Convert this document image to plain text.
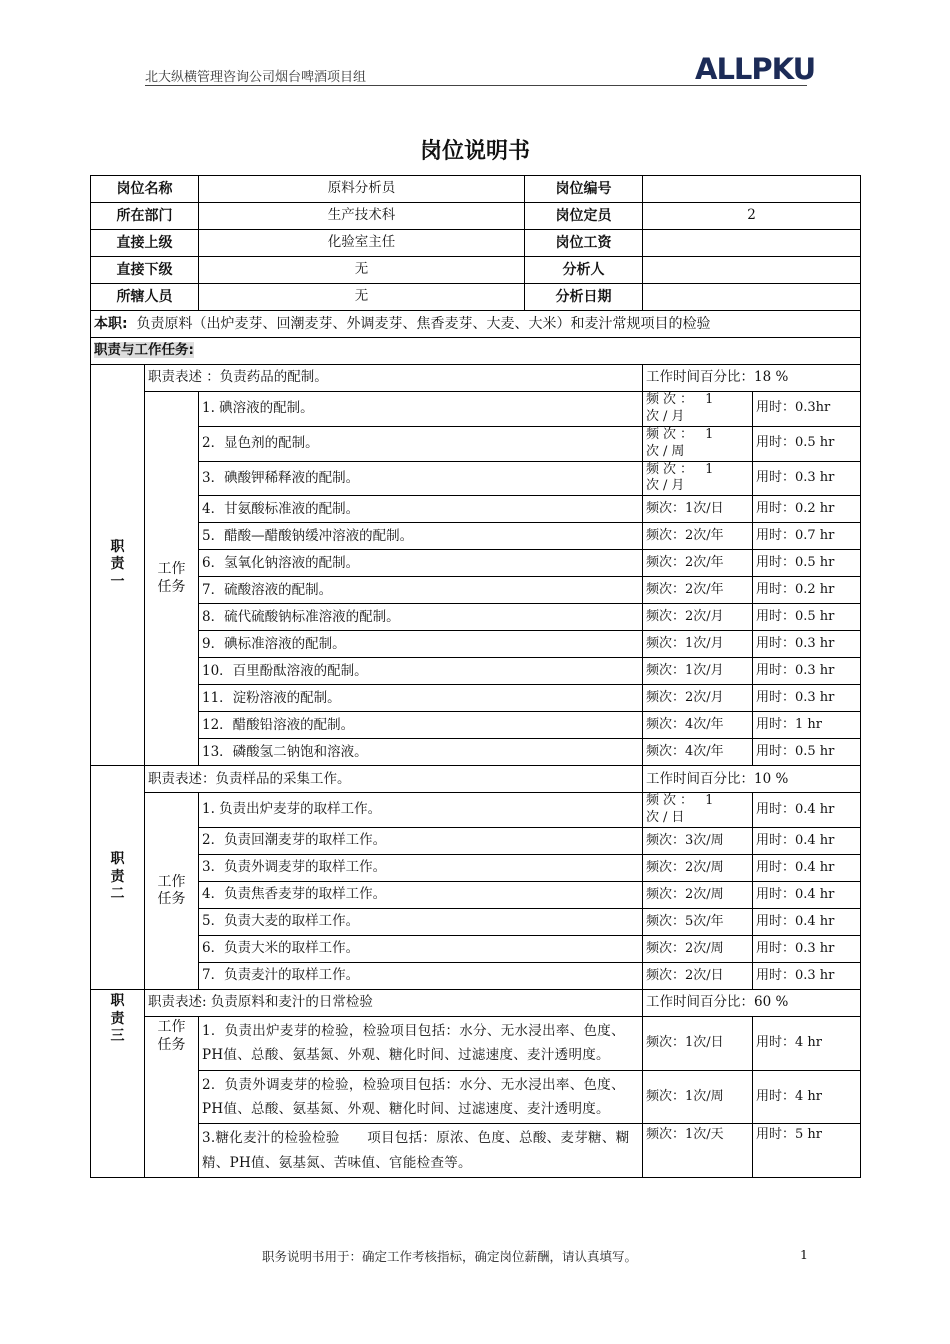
北大纵横管理咨询公司烟台啤酒项目组	ALLPKU
岗位说明书
岗位名称		原料分析员	岗位编号		
所在部门		生产技术科	岗位定员	2	
直接上级		化验室主任	岗位工资		
直接下级		无	分析人		
所辖人员		无	分析日期		
本职: 负责原料（出炉麦芽、回潮麦芽、外调麦芽、焦香麦芽、大麦、大米）和麦汁常规项目的检验					
职责与工作任务:					
职责一	职责表述 ：负责药品的配制。			工作时间百分比：18 %	
	工作任务	1. 碘溶液的配制。		频次： 1 次/月	用时：0.3hr
		2．显色剂的配制。		频次： 1 次/周	用时：0.5 hr
		3．碘酸钾稀释液的配制。		频次： 1 次/月	用时：0.3 hr
		4．甘氨酸标准液的配制。		频次：1次/日	用时：0.2 hr
		5．醋酸—醋酸钠缓冲溶液的配制。		频次：2次/年	用时：0.7 hr
		6．氢氧化钠溶液的配制。		频次：2次/年	用时：0.5 hr
		7．硫酸溶液的配制。		频次：2次/年	用时：0.2 hr
		8．硫代硫酸钠标准溶液的配制。		频次：2次/月	用时：0.5 hr
		9．碘标准溶液的配制。		频次：1次/月	用时：0.3 hr
		10．百里酚酞溶液的配制。		频次：1次/月	用时：0.3 hr
		11．淀粉溶液的配制。		频次：2次/月	用时：0.3 hr
		12．醋酸铅溶液的配制。		频次：4次/年	用时：1 hr
		13．磷酸氢二钠饱和溶液。		频次：4次/年	用时：0.5 hr
职责二	职责表述：负责样品的采集工作。			工作时间百分比：10 %	
	工作任务	1. 负责出炉麦芽的取样工作。		频次： 1 次/日	用时：0.4 hr
		2．负责回潮麦芽的取样工作。		频次：3次/周	用时：0.4 hr
		3．负责外调麦芽的取样工作。		频次：2次/周	用时：0.4 hr
		4．负责焦香麦芽的取样工作。		频次：2次/周	用时：0.4 hr
		5．负责大麦的取样工作。		频次：5次/年	用时：0.4 hr
		6．负责大米的取样工作。		频次：2次/周	用时：0.3 hr
		7．负责麦汁的取样工作。		频次：2次/日	用时：0.3 hr
职责三	职责表述: 负责原料和麦汁的日常检验			工作时间百分比：60 %	
	工作任务	1．负责出炉麦芽的检验，检验项目包括：水分、无水浸出率、色度、PH值、总酸、氨基氮、外观、糖化时间、过滤速度、麦汁透明度。		频次：1次/日	用时：4 hr
		2．负责外调麦芽的检验，检验项目包括：水分、无水浸出率、色度、PH值、总酸、氨基氮、外观、糖化时间、过滤速度、麦汁透明度。		频次：1次/周	用时：4 hr
		3.糖化麦汁的检验检验      项目包括：原浓、色度、总酸、麦芽糖、糊精、PH值、氨基氮、苦味值、官能检查等。		频次：1次/天	用时：5 hr
职务说明书用于：确定工作考核指标，确定岗位薪酬，请认真填写。	1
